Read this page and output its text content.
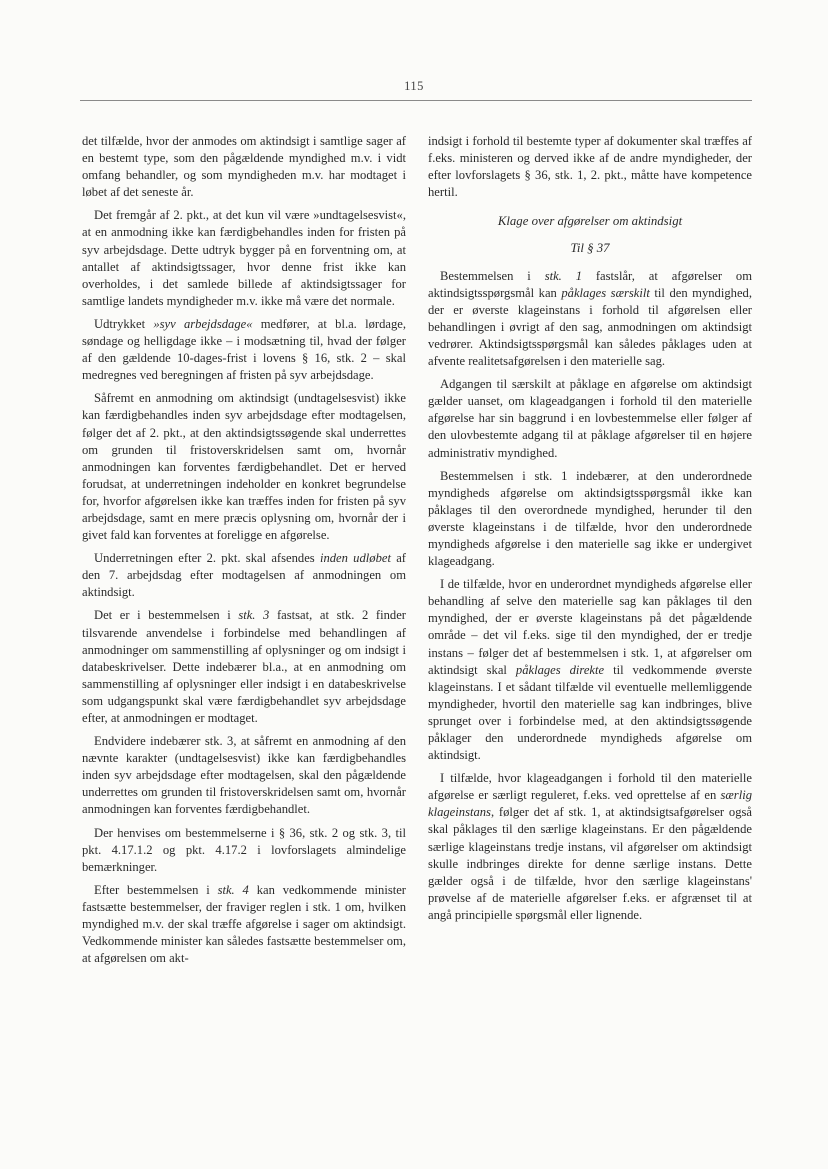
115

det tilfælde, hvor der anmodes om aktindsigt i samtlige sager af en bestemt type, som den pågældende myndighed m.v. i vidt omfang behandler, og som myndigheden m.v. har modtaget i løbet af det seneste år.

Det fremgår af 2. pkt., at det kun vil være »undtagelsesvist«, at en anmodning ikke kan færdigbehandles inden for fristen på syv arbejdsdage. Dette udtryk bygger på en forventning om, at antallet af aktindsigtssager, hvor denne frist ikke kan overholdes, i det samlede billede af aktindsigtssager for samtlige landets myndigheder m.v. ikke må være det normale.

Udtrykket »syv arbejdsdage« medfører, at bl.a. lørdage, søndage og helligdage ikke – i modsætning til, hvad der følger af den gældende 10-dages-frist i lovens § 16, stk. 2 – skal medregnes ved beregningen af fristen på syv arbejdsdage.

Såfremt en anmodning om aktindsigt (undtagelsesvist) ikke kan færdigbehandles inden syv arbejdsdage efter modtagelsen, følger det af 2. pkt., at den aktindsigtssøgende skal underrettes om grunden til fristoverskridelsen samt om, hvornår anmodningen kan forventes færdigbehandlet. Det er herved forudsat, at underretningen indeholder en konkret begrundelse for, hvorfor afgørelsen ikke kan træffes inden for fristen på syv arbejdsdage, samt en mere præcis oplysning om, hvornår der i givet fald kan forventes at foreligge en afgørelse.

Underretningen efter 2. pkt. skal afsendes inden udløbet af den 7. arbejdsdag efter modtagelsen af anmodningen om aktindsigt.

Det er i bestemmelsen i stk. 3 fastsat, at stk. 2 finder tilsvarende anvendelse i forbindelse med behandlingen af anmodninger om sammenstilling af oplysninger og om indsigt i databeskrivelser. Dette indebærer bl.a., at en anmodning om sammenstilling af oplysninger eller indsigt i en databeskrivelse som udgangspunkt skal være færdigbehandlet syv arbejdsdage efter, at anmodningen er modtaget.

Endvidere indebærer stk. 3, at såfremt en anmodning af den nævnte karakter (undtagelsesvist) ikke kan færdigbehandles inden syv arbejdsdage efter modtagelsen, skal den pågældende underrettes om grunden til fristoverskridelsen samt om, hvornår anmodningen kan forventes færdigbehandlet.

Der henvises om bestemmelserne i § 36, stk. 2 og stk. 3, til pkt. 4.17.1.2 og pkt. 4.17.2 i lovforslagets almindelige bemærkninger.

Efter bestemmelsen i stk. 4 kan vedkommende minister fastsætte bestemmelser, der fraviger reglen i stk. 1 om, hvilken myndighed m.v. der skal træffe afgørelse i sager om aktindsigt. Vedkommende minister kan således fastsætte bestemmelser om, at afgørelsen om akt-

indsigt i forhold til bestemte typer af dokumenter skal træffes af f.eks. ministeren og derved ikke af de andre myndigheder, der efter lovforslagets § 36, stk. 1, 2. pkt., måtte have kompetence hertil.

Klage over afgørelser om aktindsigt
Til § 37

Bestemmelsen i stk. 1 fastslår, at afgørelser om aktindsigtsspørgsmål kan påklages særskilt til den myndighed, der er øverste klageinstans i forhold til afgørelsen eller behandlingen i øvrigt af den sag, anmodningen om aktindsigt vedrører. Aktindsigtsspørgsmål kan således påklages uden at afvente realitetsafgørelsen i den materielle sag.

Adgangen til særskilt at påklage en afgørelse om aktindsigt gælder uanset, om klageadgangen i forhold til den materielle afgørelse har sin baggrund i en lovbestemmelse eller følger af den ulovbestemte adgang til at påklage afgørelser til en højere administrativ myndighed.

Bestemmelsen i stk. 1 indebærer, at den underordnede myndigheds afgørelse om aktindsigtsspørgsmål ikke kan påklages til den overordnede myndighed, herunder til den øverste klageinstans i de tilfælde, hvor den underordnede myndigheds afgørelse i den materielle sag ikke er undergivet klageadgang.

I de tilfælde, hvor en underordnet myndigheds afgørelse eller behandling af selve den materielle sag kan påklages til den myndighed, der er øverste klageinstans på det pågældende område – det vil f.eks. sige til den myndighed, der er tredje instans – følger det af bestemmelsen i stk. 1, at afgørelser om aktindsigt skal påklages direkte til vedkommende øverste klageinstans. I et sådant tilfælde vil eventuelle mellemliggende myndigheder, hvortil den materielle sag kan indbringes, blive sprunget over i forbindelse med, at den aktindsigtssøgende påklager den underordnede myndigheds afgørelse om aktindsigt.

I tilfælde, hvor klageadgangen i forhold til den materielle afgørelse er særligt reguleret, f.eks. ved oprettelse af en særlig klageinstans, følger det af stk. 1, at aktindsigtsafgørelser også skal påklages til den særlige klageinstans. Er den pågældende særlige klageinstans tredje instans, vil afgørelser om aktindsigt skulle indbringes direkte for denne særlige instans. Dette gælder også i de tilfælde, hvor den særlige klageinstans' prøvelse af de materielle afgørelser f.eks. er afgrænset til at angå principielle spørgsmål eller lignende.
